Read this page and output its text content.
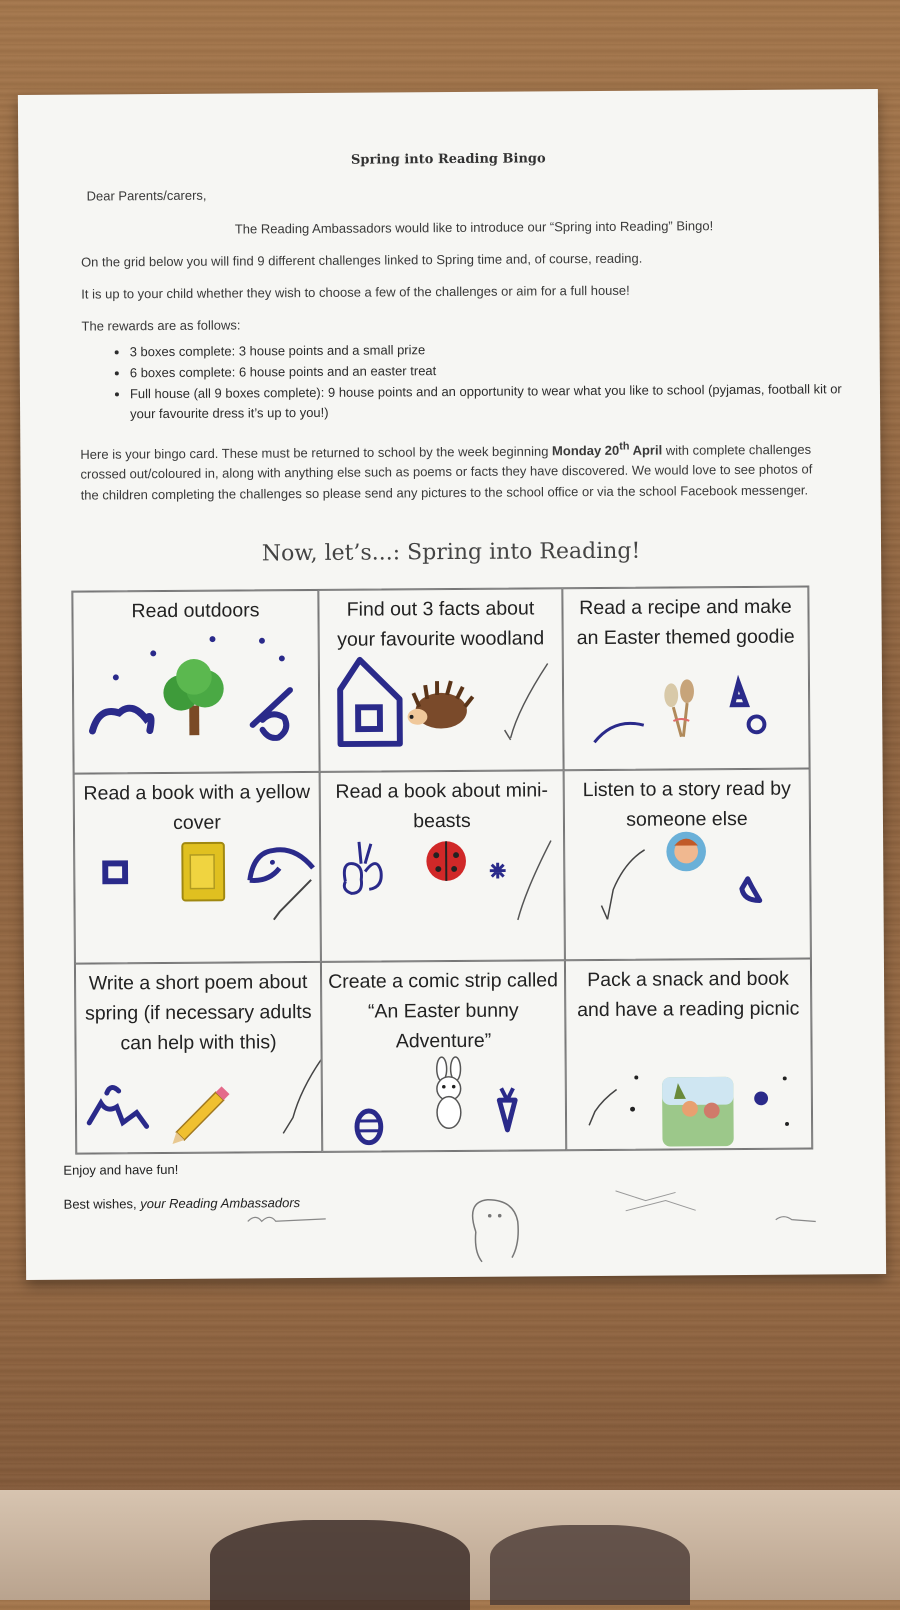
Spring into Reading Bingo
Dear Parents/carers,
The Reading Ambassadors would like to introduce our “Spring into Reading” Bingo!
On the grid below you will find 9 different challenges linked to Spring time and, of course, reading.
It is up to your child whether they wish to choose a few of the challenges or aim for a full house!
The rewards are as follows:
• 3 boxes complete: 3 house points and a small prize
• 6 boxes complete: 6 house points and an easter treat
• Full house (all 9 boxes complete): 9 house points and an opportunity to wear what you like to school (pyjamas, football kit or your favourite dress it’s up to you!)
Here is your bingo card. These must be returned to school by the week beginning Monday 20th April with complete challenges crossed out/coloured in, along with anything else such as poems or facts they have discovered. We would love to see photos of the children completing the challenges so please send any pictures to the school office or via the school Facebook messenger.
Now, let’s...: Spring into Reading!
Read outdoors	Find out 3 facts about your favourite woodland
Read a recipe and make an Easter themed goodie
Read a book with a yellow cover
Read a book about mini-beasts
Listen to a story read by someone else
Write a short poem about spring (if necessary adults can help with this)
Create a comic strip called “An Easter bunny Adventure”
Pack a snack and book and have a reading picnic
Enjoy and have fun!
Best wishes, your Reading Ambassadors
